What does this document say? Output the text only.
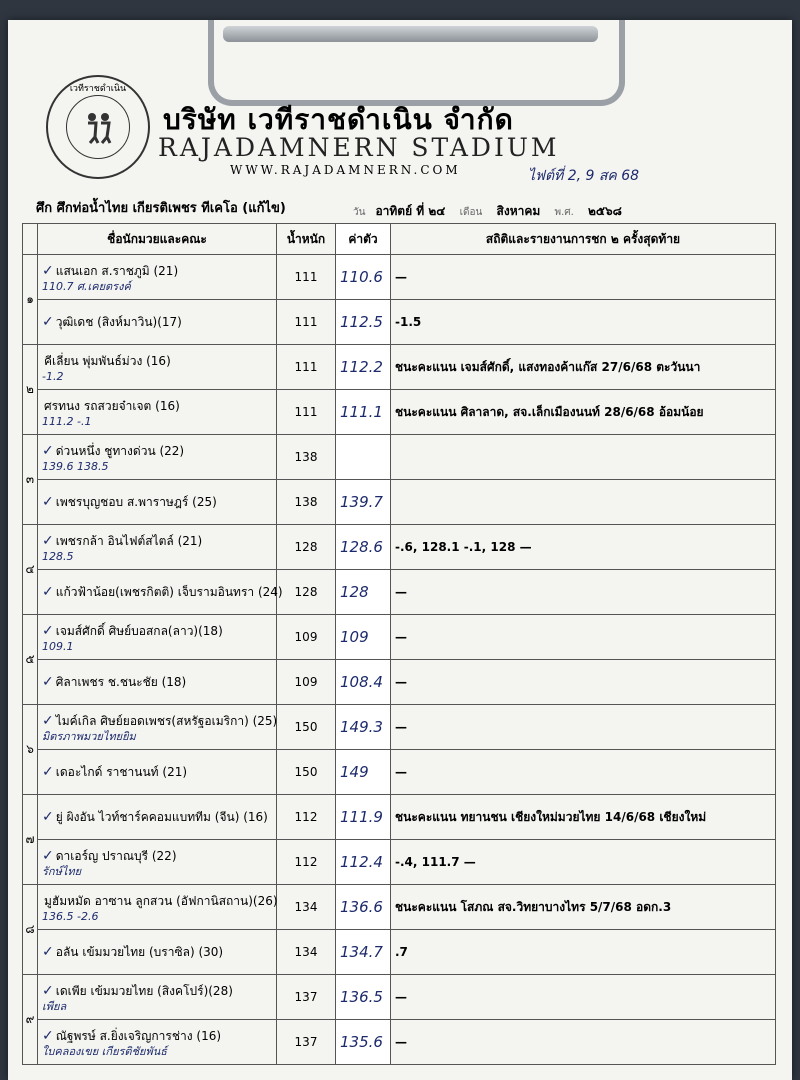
เวทีราชดำเนิน
บริษัท เวทีราชดำเนิน จำกัด
RAJADAMNERN STADIUM
WWW.RAJADAMNERN.COM	ไฟต์ที่ 2, 9 สค 68
ศึก ศึกท่อน้ำไทย เกียรติเพชร ทีเคโอ (แก้ไข)	วัน อาทิตย์ ที่ ๒๔ เดือน สิงหาคม พ.ศ. ๒๕๖๘
	ชื่อนักมวยและคณะ	น้ำหนัก	ค่าตัว	สถิติและรายงานการชก ๒ ครั้งสุดท้าย
๑	✓ แสนเอก ส.ราชภูมิ (21)
110.7 ศ.เคยตรงค์	111	110.6	—
	✓ วุฒิเดช (สิงห์มาวิน)(17)	111	112.5	-1.5
๒	คีเลี่ยน พุ่มพันธ์ม่วง (16)
-1.2	111	112.2	ชนะคะแนน เจมส์ศักดิ์, แสงทองค้าแก๊ส 27/6/68 ตะวันนา
	ศรทนง รถสวยจ๋าเจต (16)
111.2 -.1	111	111.1	ชนะคะแนน ศิลาลาด, สจ.เล็กเมืองนนท์ 28/6/68 อ้อมน้อย
๓	✓ ด่วนหนึ่ง ชูทางด่วน (22)
139.6 138.5	138		
	✓ เพชรบุญชอบ ส.พาราษฎร์ (25)	138	139.7	
๔	✓ เพชรกล้า อินไฟต์สไตล์ (21)
128.5	128	128.6	-.6, 128.1 -.1, 128 —
	✓ แก้วฟ้าน้อย(เพชรกิตติ) เจ็บรามอินทรา (24)	128	128	—
๕	✓ เจมส์ศักดิ์ ศิษย์บอสกล(ลาว)(18)
109.1	109	109	—
	✓ ศิลาเพชร ช.ชนะชัย (18)	109	108.4	—
๖	✓ ไมค์เกิล ศิษย์ยอดเพชร(สหรัฐอเมริกา) (25)
มิตรภาพมวยไทยยิม	150	149.3	—
	✓ เดอะไกด์ ราชานนท์ (21)	150	149	—
๗	✓ ยู่ ผิงอัน ไวท์ชาร์คคอมแบททีม (จีน) (16)	112	111.9	ชนะคะแนน ทยานชน เชียงใหม่มวยไทย 14/6/68 เชียงใหม่
	✓ ดาเอร์ญ ปราณบุรี (22)
รักษ์ไทย	112	112.4	-.4, 111.7 —
๘	มูฮัมหมัด อาซาน ลูกสวน (อัฟกานิสถาน)(26)
136.5 -2.6	134	136.6	ชนะคะแนน โสภณ สจ.วิทยาบางไทร 5/7/68 อดก.3
	✓ อลัน เข้มมวยไทย (บราซิล) (30)	134	134.7	.7
๙	✓ เดเพีย เข้มมวยไทย (สิงคโปร์)(28)
เพียล	137	136.5	—
	✓ ณัฐพรษ์ ส.ยิ่งเจริญการช่าง (16)
ใบคลองเขย เกียรติชัยพันธ์	137	135.6	—
